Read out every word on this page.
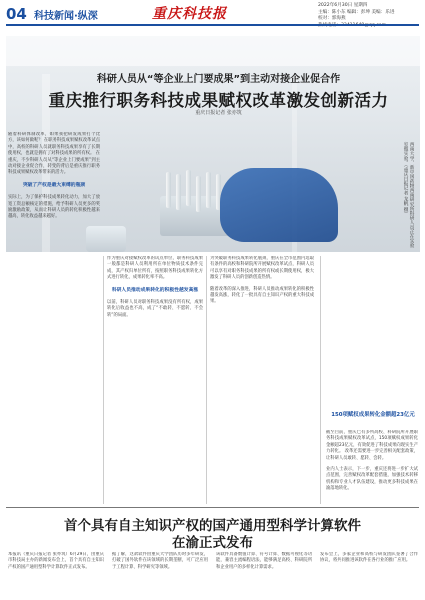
04 科技新闻·纵深	重庆科技报
2022年6月30日 星期四
主编：陈小东 编辑：彭坤 美编：乐进
校对：郭海燕
科研人员从“等企业上门要成果”到主动对接企业促合作
重庆推行职务科技成果赋权改革激发创新活力
重庆日报记者 张亦筑
西南大学，新中国药物西南研究所科研人员正在实验室做实验。（重庆日报记者 龙帆 摄）
随着科研体制改革，如果我把研发成果打个比方，该如何做呢？ 在职务科技成果赋权改革试点中，高校的科研人员就职务科技成果享有了长期使用权，也就是拥有了对科技成果的所有权。 在重庆，不少科研人员从“等企业上门要成果”到主动对接企业促合作，转变的背后是重庆推行职务科技成果赋权改革带来的活力。
突破了产权是最大束缚的瓶颈
实际上，为了保护科技成果转化动力，加大了放宽工资总额核定的措施，给予科研人员更多的奖励激励政策，从而让科研人员的转化积极性越来越高，转化收益越来越好。
作为重庆对接赋权改革的试点单位，职务科技成果一般都是科研人员利用所在单位物质技术条件完成，其产权归单位所有，按照职务科技成果转化方式进行转化，成果转化率不高。
科研人员推动成果转化的积极性越发高涨
以前，科研人员对职务科技成果没有所有权，成果转化后收益也不高，成了“不敢转、不愿转、不会转”的局面。
为突破职务科技成果转化瓶颈，重庆在全市范围内选取有条件的高校和科研院所开展赋权改革试点，科研人员可以享有对职务科技成果的所有权或长期使用权，极大激发了科研人员的创新创造热情。
随着改革的深入推进，科研人员推动成果转化的积极性越发高涨，转化了一批具有自主知识产权的重大科技成果。
150项赋权成果转化金额超23亿元
截至目前，重庆已有多所高校、科研院所开展职务科技成果赋权改革试点，150项赋权成果转化金额超23亿元，有效促进了科技成果向现实生产力转化。 改革还需要进一步完善相关配套政策，让科研人员敢转、愿转、会转。
业内人士表示，下一步，重庆还将进一步扩大试点范围，完善赋权改革配套措施，加强技术转移机构和专业人才队伍建设，推动更多科技成果在渝落地转化。
首个具有自主知识产权的国产通用型科学计算软件
在渝正式发布
本报讯（重庆日报记者 张亦筑）6月29日，由重庆市科技局主办的新闻发布会上，首个具有自主知识产权的国产通用型科学计算软件正式发布。
据了解，这款软件由重庆大学团队历时多年研发，打破了国外软件在该领域的长期垄断，可广泛应用于工程计算、科学研究等领域。
该软件具备数值计算、符号计算、数据可视化等功能，兼容主流编程语法，能够满足高校、科研院所和企业用户的多样化计算需求。
发布会上，多家企业和高校与研发团队签署了合作协议，将共同推进该软件在各行业的推广应用。
